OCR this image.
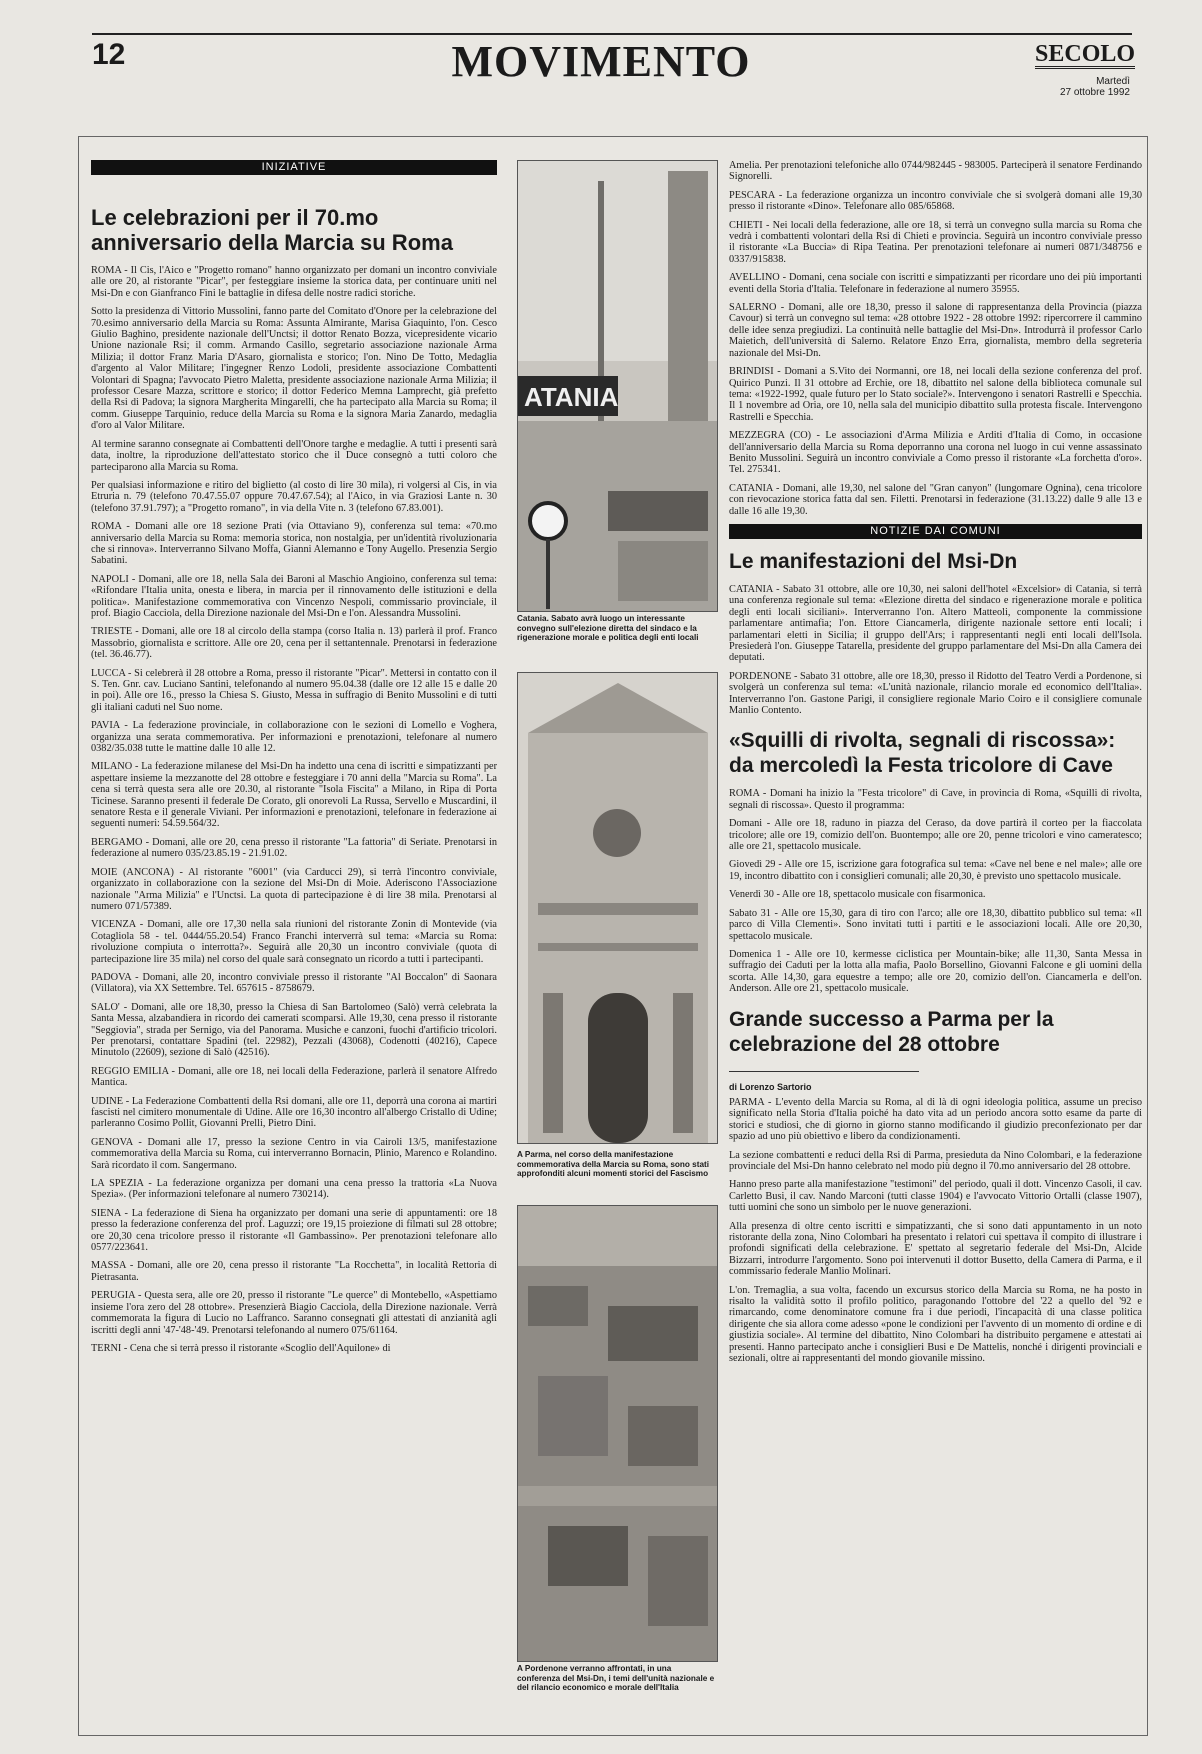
12	MOVIMENTO	SECOLO
Martedì
27 ottobre 1992
INIZIATIVE
Le celebrazioni per il 70.mo anniversario della Marcia su Roma

ROMA - Il Cis, l'Aico e "Progetto romano" hanno organizzato per domani un incontro conviviale alle ore 20, al ristorante "Picar", per festeggiare insieme la storica data, per continuare uniti nel Msi-Dn e con Gianfranco Fini le battaglie in difesa delle nostre radici storiche.

Sotto la presidenza di Vittorio Mussolini, fanno parte del Comitato d'Onore per la celebrazione del 70.esimo anniversario della Marcia su Roma: Assunta Almirante, Marisa Giaquinto, l'on. Cesco Giulio Baghino, presidente nazionale dell'Unctsi; il dottor Renato Bozza, vicepresidente vicario Unione nazionale Rsi; il comm. Armando Casillo, segretario associazione nazionale Arma Milizia; il dottor Franz Maria D'Asaro, giornalista e storico; l'on. Nino De Totto, Medaglia d'argento al Valor Militare; l'ingegner Renzo Lodoli, presidente associazione Combattenti Volontari di Spagna; l'avvocato Pietro Maletta, presidente associazione nazionale Arma Milizia; il professor Cesare Mazza, scrittore e storico; il dottor Federico Memna Lamprecht, già prefetto della Rsi di Padova; la signora Margherita Mingarelli, che ha partecipato alla Marcia su Roma; il comm. Giuseppe Tarquinio, reduce della Marcia su Roma e la signora Maria Zanardo, medaglia d'oro al Valor Militare.

Al termine saranno consegnate ai Combattenti dell'Onore targhe e medaglie. A tutti i presenti sarà data, inoltre, la riproduzione dell'attestato storico che il Duce consegnò a tutti coloro che parteciparono alla Marcia su Roma.

Per qualsiasi informazione e ritiro del biglietto (al costo di lire 30 mila), ri volgersi al Cis, in via Etruria n. 79 (telefono 70.47.55.07 oppure 70.47.67.54); al l'Aico, in via Graziosi Lante n. 30 (telefono 37.91.797); a "Progetto romano", in via della Vite n. 3 (telefono 67.83.001).

ROMA - Domani alle ore 18 sezione Prati (via Ottaviano 9), conferenza sul tema: «70.mo anniversario della Marcia su Roma: memoria storica, non nostalgia, per un'identità rivoluzionaria che si rinnova». Interverranno Silvano Moffa, Gianni Alemanno e Tony Augello. Presenzia Sergio Sabatini.

NAPOLI - Domani, alle ore 18, nella Sala dei Baroni al Maschio Angioino, conferenza sul tema: «Rifondare l'Italia unita, onesta e libera, in marcia per il rinnovamento delle istituzioni e della politica». Manifestazione commemorativa con Vincenzo Nespoli, commissario provinciale, il prof. Biagio Cacciola, della Direzione nazionale del Msi-Dn e l'on. Alessandra Mussolini.

TRIESTE - Domani, alle ore 18 al circolo della stampa (corso Italia n. 13) parlerà il prof. Franco Massobrio, giornalista e scrittore. Alle ore 20, cena per il settantennale. Prenotarsi in federazione (tel. 36.46.77).

LUCCA - Si celebrerà il 28 ottobre a Roma, presso il ristorante "Picar". Mettersi in contatto con il S. Ten. Gnr. cav. Luciano Santini, telefonando al numero 95.04.38 (dalle ore 12 alle 15 e dalle 20 in poi). Alle ore 16., presso la Chiesa S. Giusto, Messa in suffragio di Benito Mussolini e di tutti gli italiani caduti nel Suo nome.

PAVIA - La federazione provinciale, in collaborazione con le sezioni di Lomello e Voghera, organizza una serata commemorativa. Per informazioni e prenotazioni, telefonare al numero 0382/35.038 tutte le mattine dalle 10 alle 12.

MILANO - La federazione milanese del Msi-Dn ha indetto una cena di iscritti e simpatizzanti per aspettare insieme la mezzanotte del 28 ottobre e festeggiare i 70 anni della "Marcia su Roma". La cena si terrà questa sera alle ore 20.30, al ristorante "Isola Fiscita" a Milano, in Ripa di Porta Ticinese. Saranno presenti il federale De Corato, gli onorevoli La Russa, Servello e Muscardini, il senatore Resta e il generale Viviani. Per informazioni e prenotazioni, telefonare in federazione ai seguenti numeri: 54.59.564/32.

BERGAMO - Domani, alle ore 20, cena presso il ristorante "La fattoria" di Seriate. Prenotarsi in federazione al numero 035/23.85.19 - 21.91.02.

MOIE (ANCONA) - Al ristorante "6001" (via Carducci 29), si terrà l'incontro conviviale, organizzato in collaborazione con la sezione del Msi-Dn di Moie. Aderiscono l'Associazione nazionale "Arma Milizia" e l'Unctsi. La quota di partecipazione è di lire 38 mila. Prenotarsi al numero 071/57389.

VICENZA - Domani, alle ore 17,30 nella sala riunioni del ristorante Zonin di Montevide (via Cotagliola 58 - tel. 0444/55.20.54) Franco Franchi interverrà sul tema: «Marcia su Roma: rivoluzione compiuta o interrotta?». Seguirà alle 20,30 un incontro conviviale (quota di partecipazione lire 35 mila) nel corso del quale sarà consegnato un ricordo a tutti i partecipanti.

PADOVA - Domani, alle 20, incontro conviviale presso il ristorante "Al Boccalon" di Saonara (Villatora), via XX Settembre. Tel. 657615 - 8758679.

SALO' - Domani, alle ore 18,30, presso la Chiesa di San Bartolomeo (Salò) verrà celebrata la Santa Messa, alzabandiera in ricordo dei camerati scomparsi. Alle 19,30, cena presso il ristorante "Seggiovia", strada per Sernigo, via del Panorama. Musiche e canzoni, fuochi d'artificio tricolori. Per prenotarsi, contattare Spadini (tel. 22982), Pezzali (43068), Codenotti (40216), Capece Minutolo (22609), sezione di Salò (42516).

REGGIO EMILIA - Domani, alle ore 18, nei locali della Federazione, parlerà il senatore Alfredo Mantica.

UDINE - La Federazione Combattenti della Rsi domani, alle ore 11, deporrà una corona ai martiri fascisti nel cimitero monumentale di Udine. Alle ore 16,30 incontro all'albergo Cristallo di Udine; parleranno Cosimo Pollit, Giovanni Prelli, Pietro Dini.

GENOVA - Domani alle 17, presso la sezione Centro in via Cairoli 13/5, manifestazione commemorativa della Marcia su Roma, cui interverranno Bornacin, Plinio, Marenco e Rolandino. Sarà ricordato il com. Sangermano.

LA SPEZIA - La federazione organizza per domani una cena presso la trattoria «La Nuova Spezia». (Per informazioni telefonare al numero 730214).

SIENA - La federazione di Siena ha organizzato per domani una serie di appuntamenti: ore 18 presso la federazione conferenza del prof. Laguzzi; ore 19,15 proiezione di filmati sul 28 ottobre; ore 20,30 cena tricolore presso il ristorante «Il Gambassino». Per prenotazioni telefonare allo 0577/223641.

MASSA - Domani, alle ore 20, cena presso il ristorante "La Rocchetta", in località Rettoria di Pietrasanta.

PERUGIA - Questa sera, alle ore 20, presso il ristorante "Le querce" di Montebello, «Aspettiamo insieme l'ora zero del 28 ottobre». Presenzierà Biagio Cacciola, della Direzione nazionale. Verrà commemorata la figura di Lucio no Laffranco. Saranno consegnati gli attestati di anzianità agli iscritti degli anni '47-'48-'49. Prenotarsi telefonando al numero 075/61164.

TERNI - Cena che si terrà presso il ristorante «Scoglio dell'Aquilone» di

ATANIA
Catania. Sabato avrà luogo un interessante convegno sull'elezione diretta del sindaco e la rigenerazione morale e politica degli enti locali
A Parma, nel corso della manifestazione commemorativa della Marcia su Roma, sono stati approfonditi alcuni momenti storici del Fascismo
A Pordenone verranno affrontati, in una conferenza del Msi-Dn, i temi dell'unità nazionale e del rilancio economico e morale dell'Italia

Amelia. Per prenotazioni telefoniche allo 0744/982445 - 983005. Parteciperà il senatore Ferdinando Signorelli.

PESCARA - La federazione organizza un incontro conviviale che si svolgerà domani alle 19,30 presso il ristorante «Dino». Telefonare allo 085/65868.

CHIETI - Nei locali della federazione, alle ore 18, si terrà un convegno sulla marcia su Roma che vedrà i combattenti volontari della Rsi di Chieti e provincia. Seguirà un incontro conviviale presso il ristorante «La Buccia» di Ripa Teatina. Per prenotazioni telefonare ai numeri 0871/348756 e 0337/915838.

AVELLINO - Domani, cena sociale con iscritti e simpatizzanti per ricordare uno dei più importanti eventi della Storia d'Italia. Telefonare in federazione al numero 35955.

SALERNO - Domani, alle ore 18,30, presso il salone di rappresentanza della Provincia (piazza Cavour) si terrà un convegno sul tema: «28 ottobre 1922 - 28 ottobre 1992: ripercorrere il cammino delle idee senza pregiudizi. La continuità nelle battaglie del Msi-Dn». Introdurrà il professor Carlo Maietich, dell'università di Salerno. Relatore Enzo Erra, giornalista, membro della segreteria nazionale del Msi-Dn.

BRINDISI - Domani a S.Vito dei Normanni, ore 18, nei locali della sezione conferenza del prof. Quirico Punzi. Il 31 ottobre ad Erchie, ore 18, dibattito nel salone della biblioteca comunale sul tema: «1922-1992, quale futuro per lo Stato sociale?». Intervengono i senatori Rastrelli e Specchia. Il 1 novembre ad Oria, ore 10, nella sala del municipio dibattito sulla protesta fiscale. Intervengono Rastrelli e Specchia.

MEZZEGRA (CO) - Le associazioni d'Arma Milizia e Arditi d'Italia di Como, in occasione dell'anniversario della Marcia su Roma deporranno una corona nel luogo in cui venne assassinato Benito Mussolini. Seguirà un incontro conviviale a Como presso il ristorante «La forchetta d'oro». Tel. 275341.

CATANIA - Domani, alle 19,30, nel salone del "Gran canyon" (lungomare Ognina), cena tricolore con rievocazione storica fatta dal sen. Filetti. Prenotarsi in federazione (31.13.22) dalle 9 alle 13 e dalle 16 alle 19,30.

NOTIZIE DAI COMUNI
Le manifestazioni del Msi-Dn

CATANIA - Sabato 31 ottobre, alle ore 10,30, nei saloni dell'hotel «Excelsior» di Catania, si terrà una conferenza regionale sul tema: «Elezione diretta del sindaco e rigenerazione morale e politica degli enti locali siciliani». Interverranno l'on. Altero Matteoli, componente la commissione parlamentare antimafia; l'on. Ettore Ciancamerla, dirigente nazionale settore enti locali; i parlamentari eletti in Sicilia; il gruppo dell'Ars; i rappresentanti negli enti locali dell'Isola. Presiederà l'on. Giuseppe Tatarella, presidente del gruppo parlamentare del Msi-Dn alla Camera dei deputati.

PORDENONE - Sabato 31 ottobre, alle ore 18,30, presso il Ridotto del Teatro Verdi a Pordenone, si svolgerà un conferenza sul tema: «L'unità nazionale, rilancio morale ed economico dell'Italia». Interverranno l'on. Gastone Parigi, il consigliere regionale Mario Coiro e il consigliere comunale Manlio Contento.

«Squilli di rivolta, segnali di riscossa»: da mercoledì la Festa tricolore di Cave

ROMA - Domani ha inizio la "Festa tricolore" di Cave, in provincia di Roma, «Squilli di rivolta, segnali di riscossa». Questo il programma:

Domani - Alle ore 18, raduno in piazza del Ceraso, da dove partirà il corteo per la fiaccolata tricolore; alle ore 19, comizio dell'on. Buontempo; alle ore 20, penne tricolori e vino cameratesco; alle ore 21, spettacolo musicale.

Giovedì 29 - Alle ore 15, iscrizione gara fotografica sul tema: «Cave nel bene e nel male»; alle ore 19, incontro dibattito con i consiglieri comunali; alle 20,30, è previsto uno spettacolo musicale.

Venerdì 30 - Alle ore 18, spettacolo musicale con fisarmonica.

Sabato 31 - Alle ore 15,30, gara di tiro con l'arco; alle ore 18,30, dibattito pubblico sul tema: «Il parco di Villa Clementi». Sono invitati tutti i partiti e le associazioni locali. Alle ore 20,30, spettacolo musicale.

Domenica 1 - Alle ore 10, kermesse ciclistica per Mountain-bike; alle 11,30, Santa Messa in suffragio dei Caduti per la lotta alla mafia, Paolo Borsellino, Giovanni Falcone e gli uomini della scorta. Alle 14,30, gara equestre a tempo; alle ore 20, comizio dell'on. Ciancamerla e dell'on. Anderson. Alle ore 21, spettacolo musicale.

Grande successo a Parma per la celebrazione del 28 ottobre
di Lorenzo Sartorio

PARMA - L'evento della Marcia su Roma, al di là di ogni ideologia politica, assume un preciso significato nella Storia d'Italia poiché ha dato vita ad un periodo ancora sotto esame da parte di storici e studiosi, che di giorno in giorno stanno modificando il giudizio preconfezionato per dar spazio ad uno più obiettivo e libero da condizionamenti.

La sezione combattenti e reduci della Rsi di Parma, presieduta da Nino Colombari, e la federazione provinciale del Msi-Dn hanno celebrato nel modo più degno il 70.mo anniversario del 28 ottobre.

Hanno preso parte alla manifestazione "testimoni" del periodo, quali il dott. Vincenzo Casoli, il cav. Carletto Busi, il cav. Nando Marconi (tutti classe 1904) e l'avvocato Vittorio Ortalli (classe 1907), tutti uomini che sono un simbolo per le nuove generazioni.

Alla presenza di oltre cento iscritti e simpatizzanti, che si sono dati appuntamento in un noto ristorante della zona, Nino Colombari ha presentato i relatori cui spettava il compito di illustrare i profondi significati della celebrazione. E' spettato al segretario federale del Msi-Dn, Alcide Bizzarri, introdurre l'argomento. Sono poi intervenuti il dottor Busetto, della Camera di Parma, e il commissario federale Manlio Molinari.

L'on. Tremaglia, a sua volta, facendo un excursus storico della Marcia su Roma, ne ha posto in risalto la validità sotto il profilo politico, paragonando l'ottobre del '22 a quello del '92 e rimarcando, come denominatore comune fra i due periodi, l'incapacità di una classe politica dirigente che sia allora come adesso «pone le condizioni per l'avvento di un momento di ordine e di giustizia sociale». Al termine del dibattito, Nino Colombari ha distribuito pergamene e attestati ai presenti. Hanno partecipato anche i consiglieri Busi e De Mattelis, nonché i dirigenti provinciali e sezionali, oltre ai rappresentanti del mondo giovanile missino.
